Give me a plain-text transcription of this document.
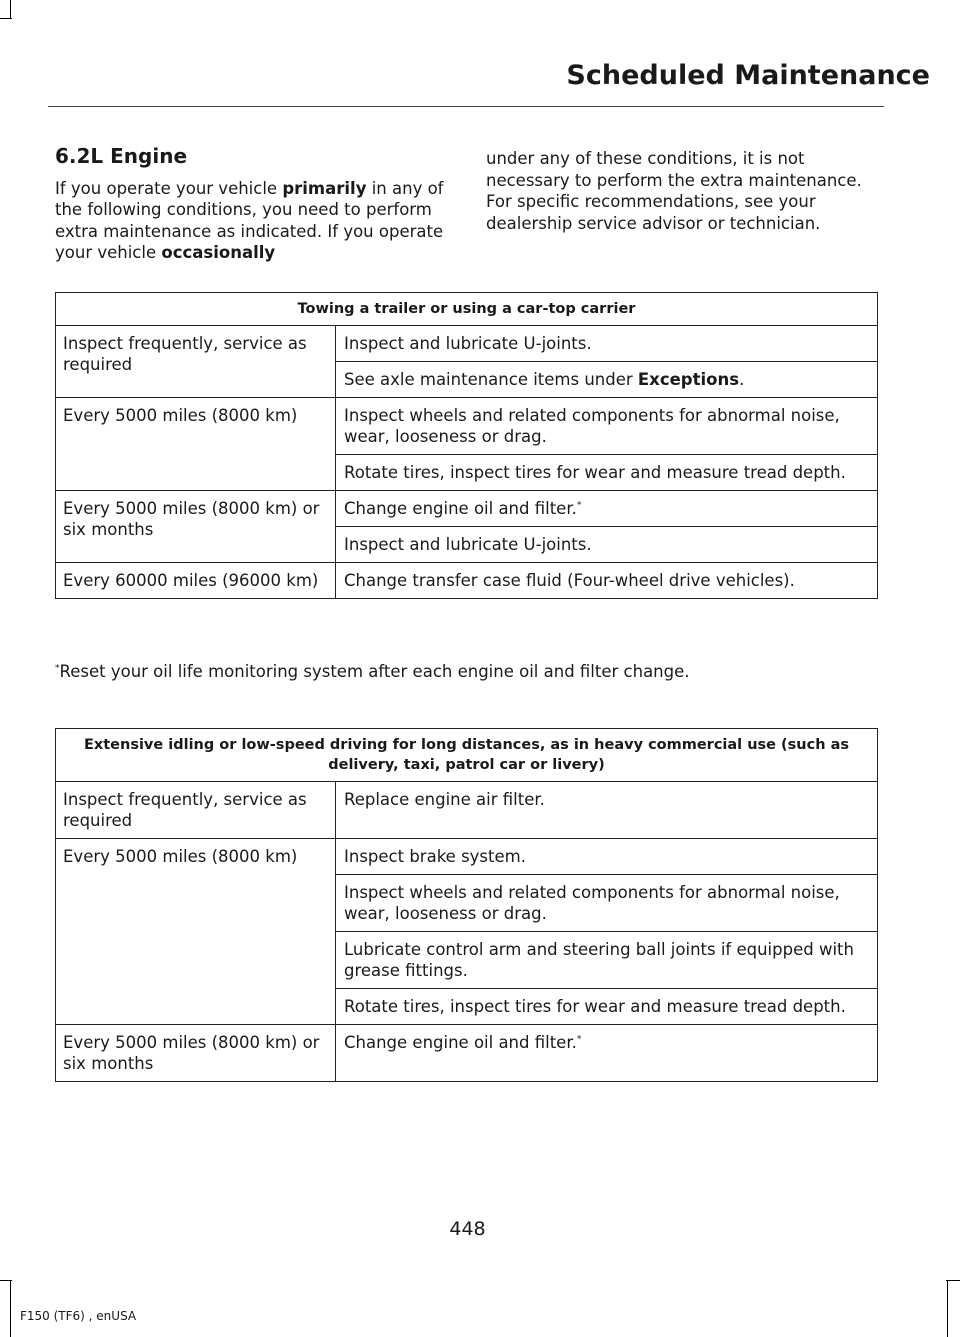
Scheduled Maintenance
6.2L Engine

If you operate your vehicle primarily in any of the following conditions, you need to perform extra maintenance as indicated. If you operate your vehicle occasionally

under any of these conditions, it is not necessary to perform the extra maintenance. For specific recommendations, see your dealership service advisor or technician.

Towing a trailer or using a car-top carrier	
Inspect frequently, service as required	Inspect and lubricate U-joints.
	See axle maintenance items under Exceptions.
Every 5000 miles (8000 km)	Inspect wheels and related components for abnormal noise, wear, looseness or drag.
	Rotate tires, inspect tires for wear and measure tread depth.
Every 5000 miles (8000 km) or six months	Change engine oil and filter.*
	Inspect and lubricate U-joints.
Every 60000 miles (96000 km)	Change transfer case fluid (Four-wheel drive vehicles).
*Reset your oil life monitoring system after each engine oil and filter change.
Extensive idling or low-speed driving for long distances, as in heavy commercial use (such as delivery, taxi, patrol car or livery)	
Inspect frequently, service as required	Replace engine air filter.
Every 5000 miles (8000 km)	Inspect brake system.
	Inspect wheels and related components for abnormal noise, wear, looseness or drag.
	Lubricate control arm and steering ball joints if equipped with grease fittings.
	Rotate tires, inspect tires for wear and measure tread depth.
Every 5000 miles (8000 km) or six months	Change engine oil and filter.*
448
F150 (TF6) , enUSA
